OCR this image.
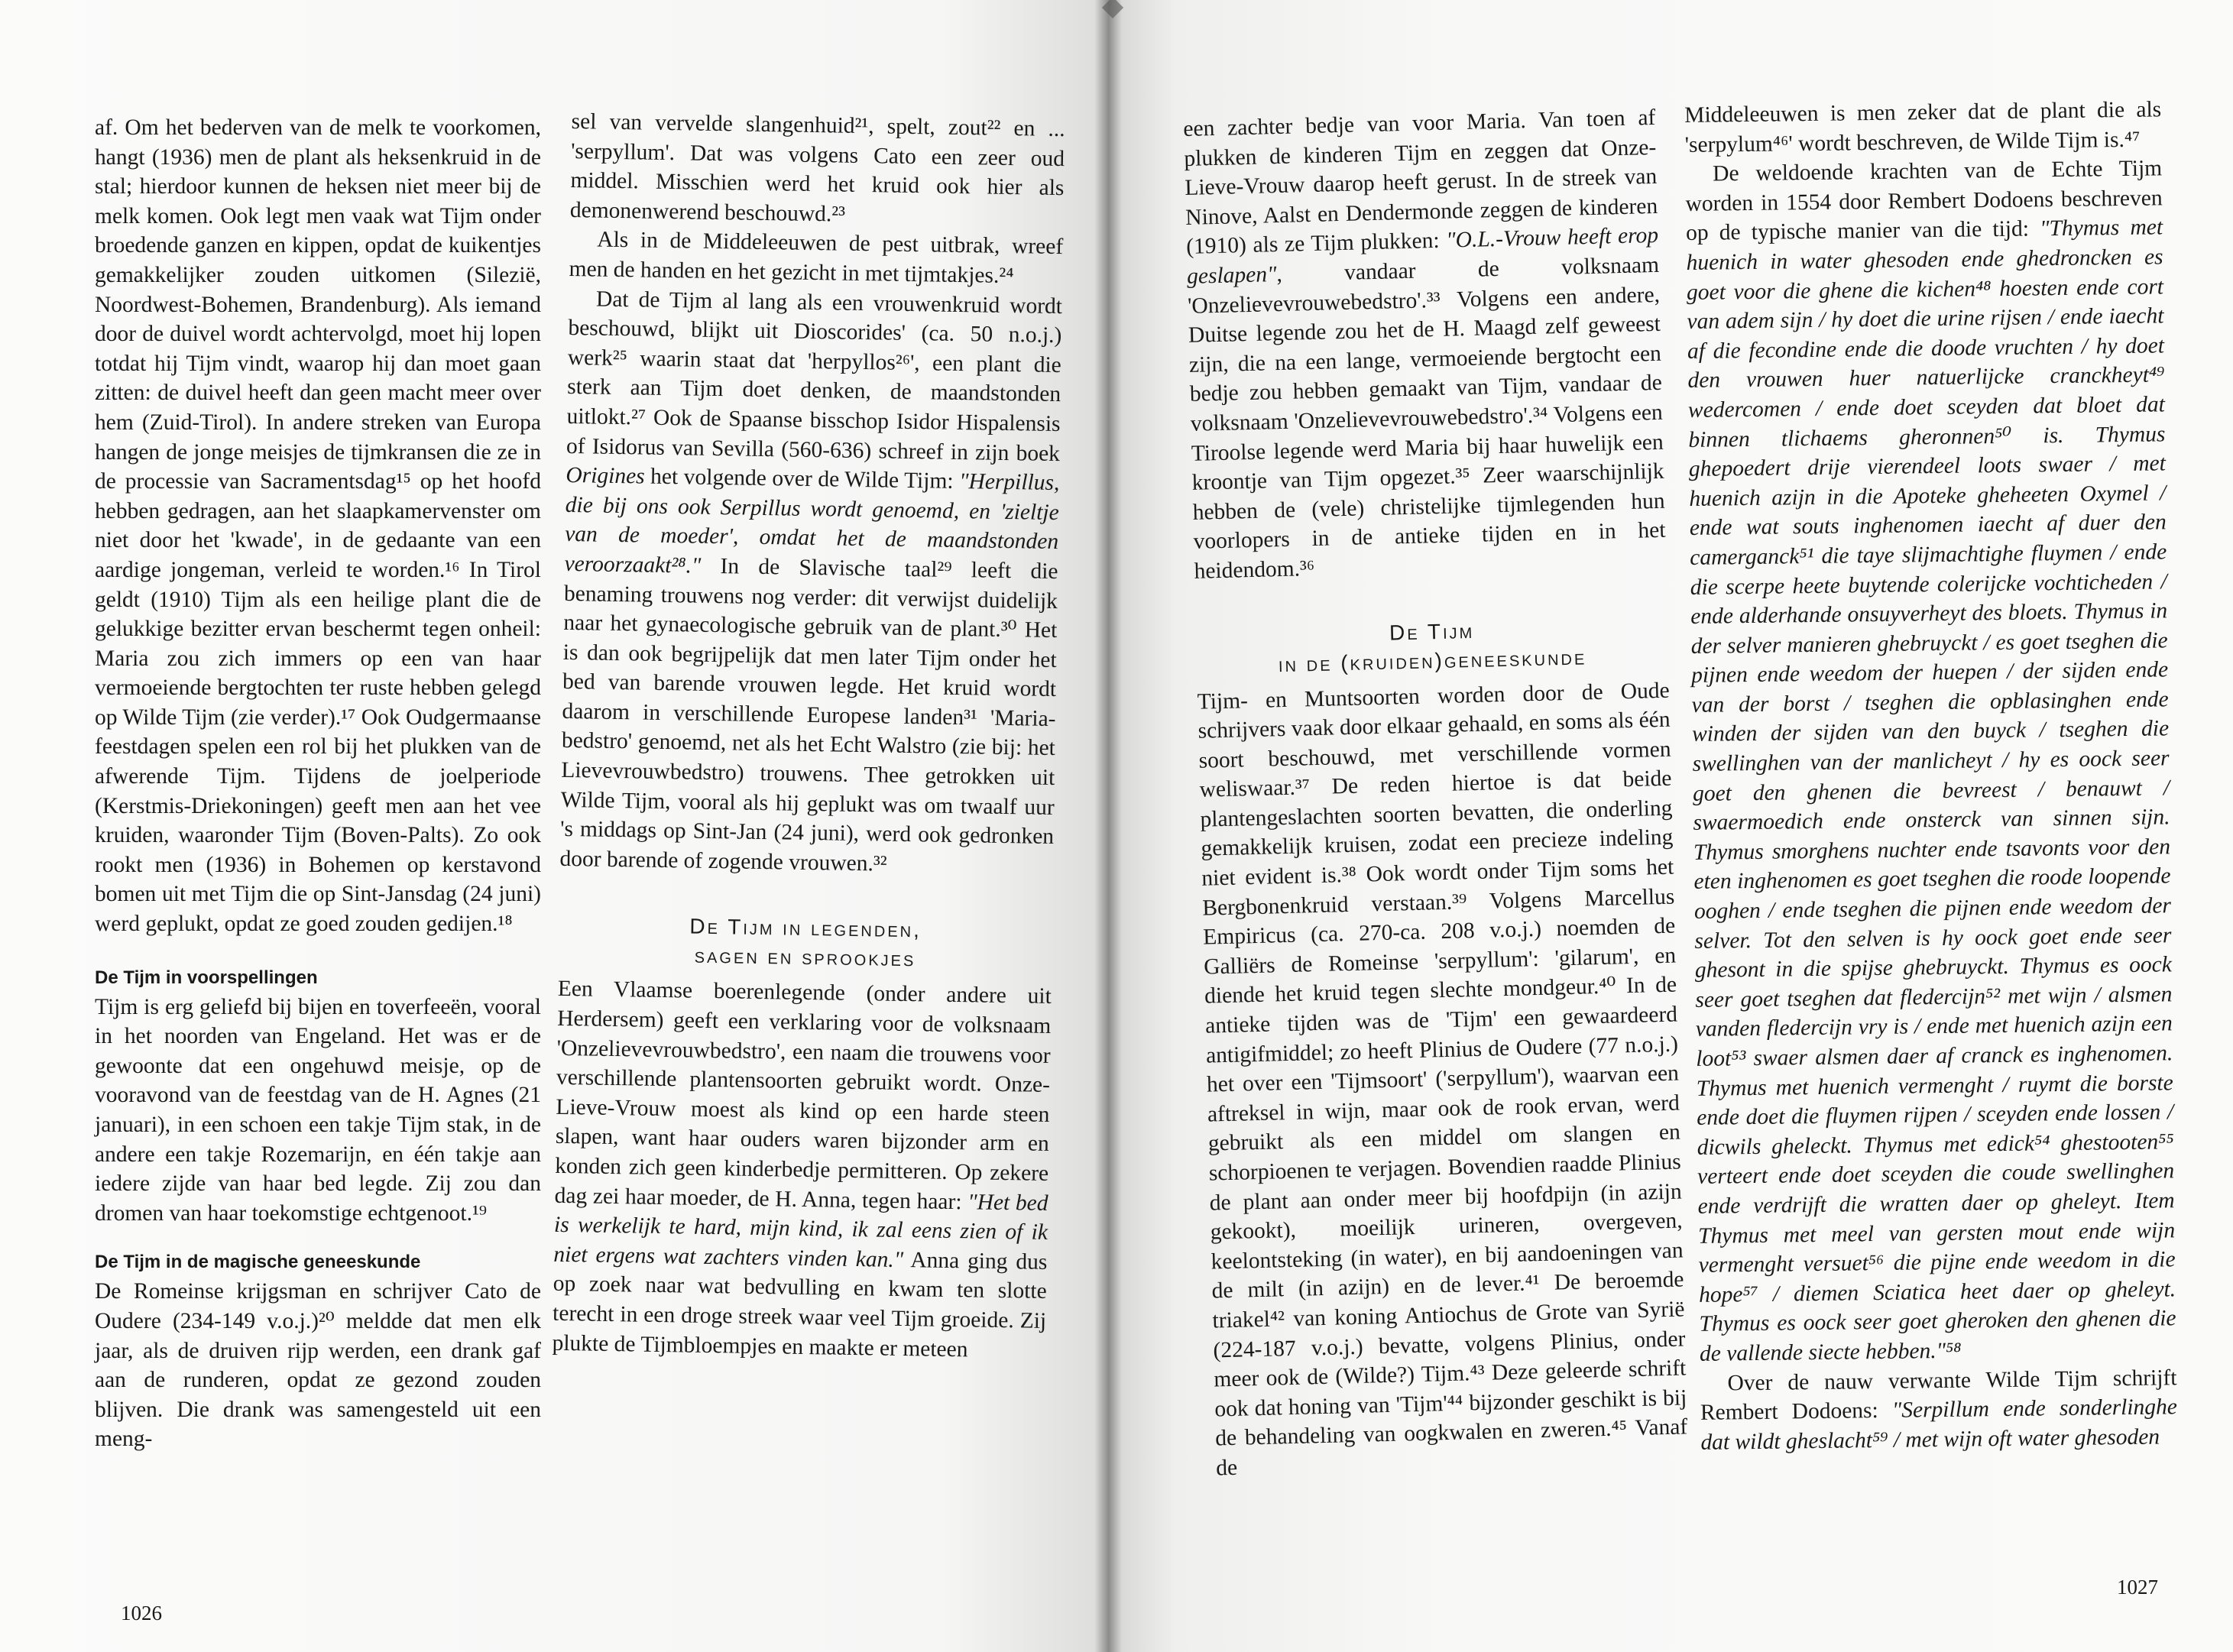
af. Om het bederven van de melk te voorkomen, hangt (1936) men de plant als heksenkruid in de stal; hierdoor kunnen de heksen niet meer bij de melk komen. Ook legt men vaak wat Tijm onder broedende ganzen en kippen, opdat de kuikentjes gemakkelijker zouden uitkomen (Silezië, Noordwest-Bohemen, Brandenburg). Als iemand door de duivel wordt achtervolgd, moet hij lopen totdat hij Tijm vindt, waarop hij dan moet gaan zitten: de duivel heeft dan geen macht meer over hem (Zuid-Tirol). In andere streken van Europa hangen de jonge meisjes de tijmkransen die ze in de processie van Sacramentsdag¹⁵ op het hoofd hebben gedragen, aan het slaapkamervenster om niet door het 'kwade', in de gedaante van een aardige jongeman, verleid te worden.¹⁶ In Tirol geldt (1910) Tijm als een heilige plant die de gelukkige bezitter ervan beschermt tegen onheil: Maria zou zich immers op een van haar vermoeiende bergtochten ter ruste hebben gelegd op Wilde Tijm (zie verder).¹⁷ Ook Oudgermaanse feestdagen spelen een rol bij het plukken van de afwerende Tijm. Tijdens de joelperiode (Kerstmis-Driekoningen) geeft men aan het vee kruiden, waaronder Tijm (Boven-Palts). Zo ook rookt men (1936) in Bohemen op kerstavond bomen uit met Tijm die op Sint-Jansdag (24 juni) werd geplukt, opdat ze goed zouden gedijen.¹⁸

De Tijm in voorspellingen

Tijm is erg geliefd bij bijen en toverfeeën, vooral in het noorden van Engeland. Het was er de gewoonte dat een ongehuwd meisje, op de vooravond van de feestdag van de H. Agnes (21 januari), in een schoen een takje Tijm stak, in de andere een takje Rozemarijn, en één takje aan iedere zijde van haar bed legde. Zij zou dan dromen van haar toekomstige echtgenoot.¹⁹

De Tijm in de magische geneeskunde

De Romeinse krijgsman en schrijver Cato de Oudere (234-149 v.o.j.)²⁰ meldde dat men elk jaar, als de druiven rijp werden, een drank gaf aan de runderen, opdat ze gezond zouden blijven. Die drank was samengesteld uit een meng-

sel van vervelde slangenhuid²¹, spelt, zout²² en ... 'serpyllum'. Dat was volgens Cato een zeer oud middel. Misschien werd het kruid ook hier als demonenwerend beschouwd.²³

Als in de Middeleeuwen de pest uitbrak, wreef men de handen en het gezicht in met tijmtakjes.²⁴

Dat de Tijm al lang als een vrouwenkruid wordt beschouwd, blijkt uit Dioscorides' (ca. 50 n.o.j.) werk²⁵ waarin staat dat 'herpyllos²⁶', een plant die sterk aan Tijm doet denken, de maandstonden uitlokt.²⁷ Ook de Spaanse bisschop Isidor Hispalensis of Isidorus van Sevilla (560-636) schreef in zijn boek Origines het volgende over de Wilde Tijm: "Herpillus, die bij ons ook Serpillus wordt genoemd, en 'zieltje van de moeder', omdat het de maandstonden veroorzaakt²⁸." In de Slavische taal²⁹ leeft die benaming trouwens nog verder: dit verwijst duidelijk naar het gynaecologische gebruik van de plant.³⁰ Het is dan ook begrijpelijk dat men later Tijm onder het bed van barende vrouwen legde. Het kruid wordt daarom in verschillende Europese landen³¹ 'Maria-bedstro' genoemd, net als het Echt Walstro (zie bij: het Lievevrouwbedstro) trouwens. Thee getrokken uit Wilde Tijm, vooral als hij geplukt was om twaalf uur 's middags op Sint-Jan (24 juni), werd ook gedronken door barende of zogende vrouwen.³²

De Tijm in legenden,
sagen en sprookjes

Een Vlaamse boerenlegende (onder andere uit Herdersem) geeft een verklaring voor de volksnaam 'Onzelievevrouwbedstro', een naam die trouwens voor verschillende plantensoorten gebruikt wordt. Onze-Lieve-Vrouw moest als kind op een harde steen slapen, want haar ouders waren bijzonder arm en konden zich geen kinderbedje permitteren. Op zekere dag zei haar moeder, de H. Anna, tegen haar: "Het bed is werkelijk te hard, mijn kind, ik zal eens zien of ik niet ergens wat zachters vinden kan." Anna ging dus op zoek naar wat bedvulling en kwam ten slotte terecht in een droge streek waar veel Tijm groeide. Zij plukte de Tijmbloempjes en maakte er meteen

1026

een zachter bedje van voor Maria. Van toen af plukken de kinderen Tijm en zeggen dat Onze-Lieve-Vrouw daarop heeft gerust. In de streek van Ninove, Aalst en Dendermonde zeggen de kinderen (1910) als ze Tijm plukken: "O.L.-Vrouw heeft erop geslapen", vandaar de volksnaam 'Onzelievevrouwebedstro'.³³ Volgens een andere, Duitse legende zou het de H. Maagd zelf geweest zijn, die na een lange, vermoeiende bergtocht een bedje zou hebben gemaakt van Tijm, vandaar de volksnaam 'Onzelievevrouwebedstro'.³⁴ Volgens een Tiroolse legende werd Maria bij haar huwelijk een kroontje van Tijm opgezet.³⁵ Zeer waarschijnlijk hebben de (vele) christelijke tijmlegenden hun voorlopers in de antieke tijden en in het heidendom.³⁶

De Tijm
in de (kruiden)geneeskunde

Tijm- en Muntsoorten worden door de Oude schrijvers vaak door elkaar gehaald, en soms als één soort beschouwd, met verschillende vormen weliswaar.³⁷ De reden hiertoe is dat beide plantengeslachten soorten bevatten, die onderling gemakkelijk kruisen, zodat een precieze indeling niet evident is.³⁸ Ook wordt onder Tijm soms het Bergbonenkruid verstaan.³⁹ Volgens Marcellus Empiricus (ca. 270-ca. 208 v.o.j.) noemden de Galliërs de Romeinse 'serpyllum': 'gilarum', en diende het kruid tegen slechte mondgeur.⁴⁰ In de antieke tijden was de 'Tijm' een gewaardeerd antigifmiddel; zo heeft Plinius de Oudere (77 n.o.j.) het over een 'Tijmsoort' ('serpyllum'), waarvan een aftreksel in wijn, maar ook de rook ervan, werd gebruikt als een middel om slangen en schorpioenen te verjagen. Bovendien raadde Plinius de plant aan onder meer bij hoofdpijn (in azijn gekookt), moeilijk urineren, overgeven, keelontsteking (in water), en bij aandoeningen van de milt (in azijn) en de lever.⁴¹ De beroemde triakel⁴² van koning Antiochus de Grote van Syrië (224-187 v.o.j.) bevatte, volgens Plinius, onder meer ook de (Wilde?) Tijm.⁴³ Deze geleerde schrift ook dat honing van 'Tijm'⁴⁴ bijzonder geschikt is bij de behandeling van oogkwalen en zweren.⁴⁵ Vanaf de

Middeleeuwen is men zeker dat de plant die als 'serpylum⁴⁶' wordt beschreven, de Wilde Tijm is.⁴⁷

De weldoende krachten van de Echte Tijm worden in 1554 door Rembert Dodoens beschreven op de typische manier van die tijd: "Thymus met huenich in water ghesoden ende ghedroncken es goet voor die ghene die kichen⁴⁸ hoesten ende cort van adem sijn / hy doet die urine rijsen / ende iaecht af die fecondine ende die doode vruchten / hy doet den vrouwen huer natuerlijcke cranckheyt⁴⁹ wedercomen / ende doet sceyden dat bloet dat binnen tlichaems gheronnen⁵⁰ is. Thymus ghepoedert drije vierendeel loots swaer / met huenich azijn in die Apoteke gheheeten Oxymel / ende wat souts inghenomen iaecht af duer den camerganck⁵¹ die taye slijmachtighe fluymen / ende die scerpe heete buytende colerijcke vochticheden / ende alderhande onsuyverheyt des bloets. Thymus in der selver manieren ghebruyckt / es goet tseghen die pijnen ende weedom der huepen / der sijden ende van der borst / tseghen die opblasinghen ende winden der sijden van den buyck / tseghen die swellinghen van der manlicheyt / hy es oock seer goet den ghenen die bevreest / benauwt / swaermoedich ende onsterck van sinnen sijn. Thymus smorghens nuchter ende tsavonts voor den eten inghenomen es goet tseghen die roode loopende ooghen / ende tseghen die pijnen ende weedom der selver. Tot den selven is hy oock goet ende seer ghesont in die spijse ghebruyckt. Thymus es oock seer goet tseghen dat fledercijn⁵² met wijn / alsmen vanden fledercijn vry is / ende met huenich azijn een loot⁵³ swaer alsmen daer af cranck es inghenomen. Thymus met huenich vermenght / ruymt die borste ende doet die fluymen rijpen / sceyden ende lossen / dicwils gheleckt. Thymus met edick⁵⁴ ghestooten⁵⁵ verteert ende doet sceyden die coude swellinghen ende verdrijft die wratten daer op gheleyt. Item Thymus met meel van gersten mout ende wijn vermenght versuet⁵⁶ die pijne ende weedom in die hope⁵⁷ / diemen Sciatica heet daer op gheleyt. Thymus es oock seer goet gheroken den ghenen die de vallende siecte hebben."⁵⁸

Over de nauw verwante Wilde Tijm schrijft Rembert Dodoens: "Serpillum ende sonderlinghe dat wildt gheslacht⁵⁹ / met wijn oft water ghesoden

1027
